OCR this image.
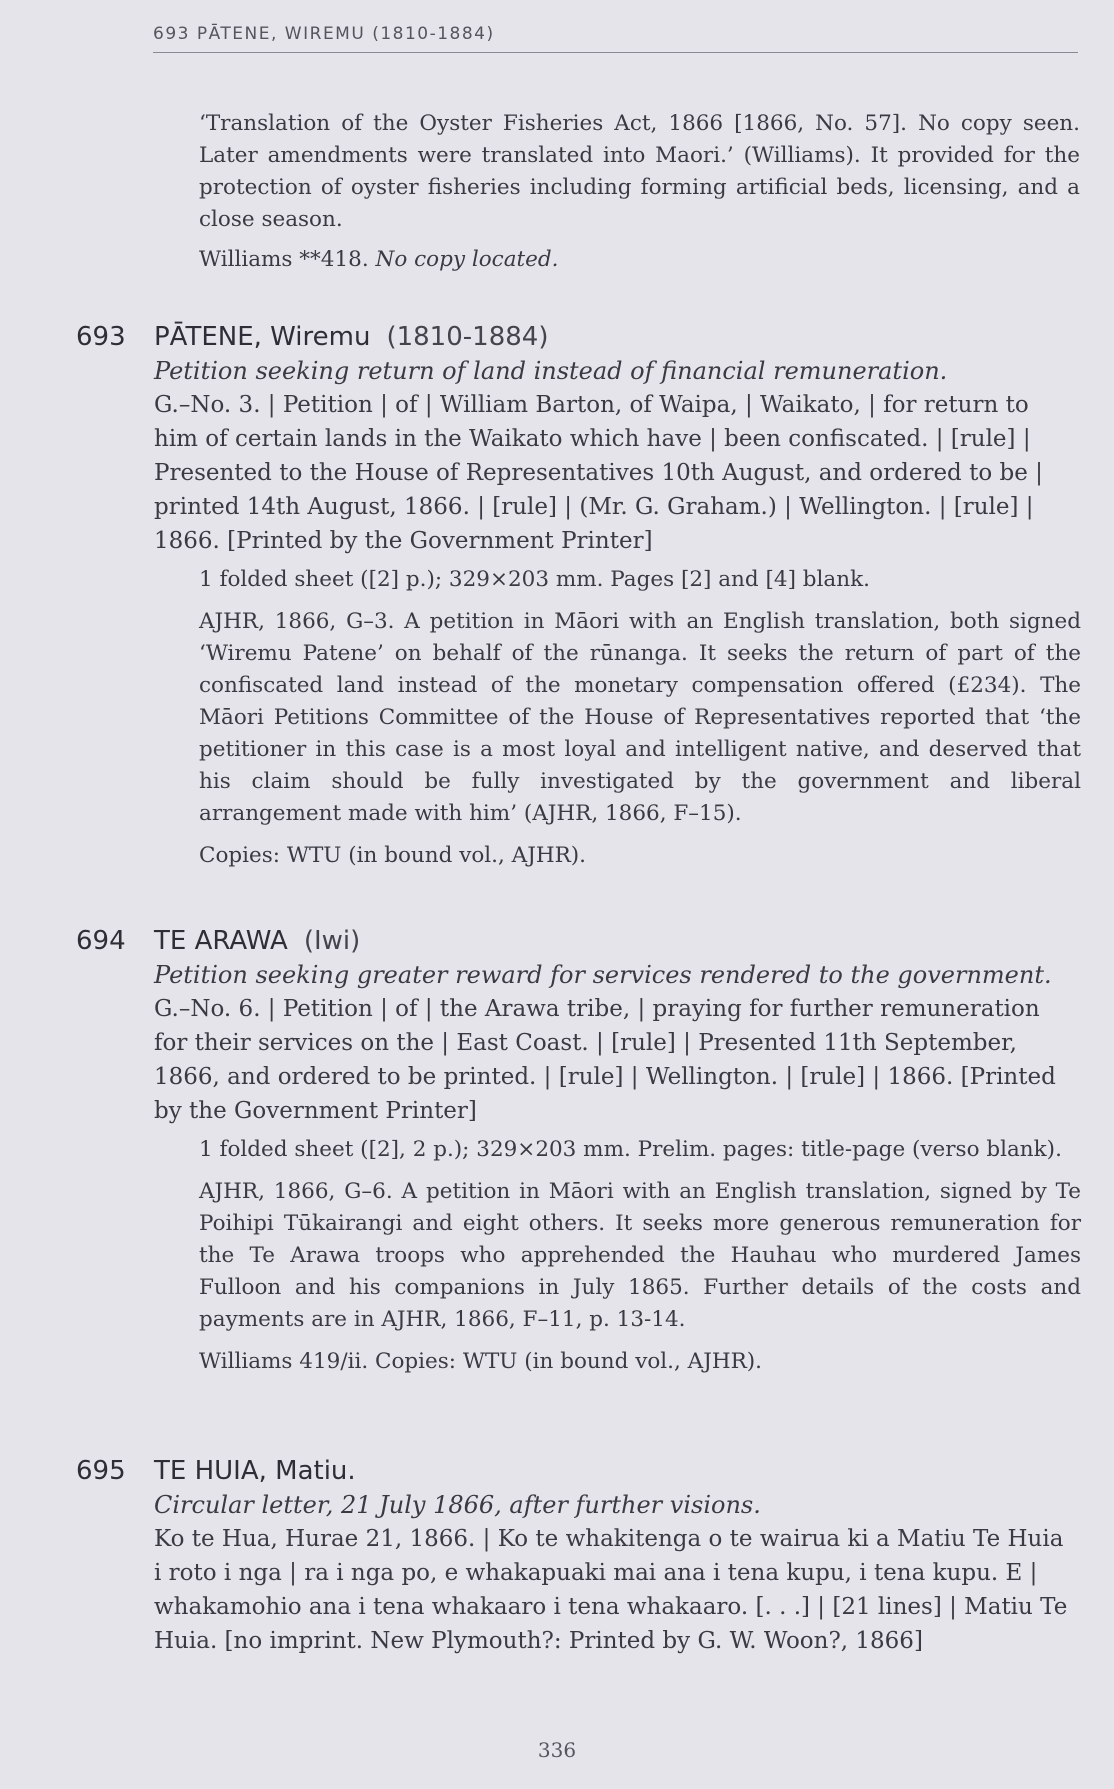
693 PĀTENE, WIREMU (1810-1884)

‘Translation of the Oyster Fisheries Act, 1866 [1866, No. 57]. No copy seen. Later amendments were translated into Maori.’ (Williams). It provided for the protection of oyster fisheries including forming artificial beds, licensing, and a close season.

Williams **418. No copy located.

693	PĀTENE, Wiremu (1810-1884)
Petition seeking return of land instead of financial remuneration.
G.–No. 3. | Petition | of | William Barton, of Waipa, | Waikato, | for return to him of certain lands in the Waikato which have | been confiscated. | [rule] | Presented to the House of Representatives 10th August, and ordered to be | printed 14th August, 1866. | [rule] | (Mr. G. Graham.) | Wellington. | [rule] | 1866. [Printed by the Government Printer]

1 folded sheet ([2] p.); 329×203 mm. Pages [2] and [4] blank.

AJHR, 1866, G–3. A petition in Māori with an English translation, both signed ‘Wiremu Patene’ on behalf of the rūnanga. It seeks the return of part of the confiscated land instead of the monetary compensation offered (£234). The Māori Petitions Committee of the House of Representatives reported that ‘the petitioner in this case is a most loyal and intelligent native, and deserved that his claim should be fully investigated by the government and liberal arrangement made with him’ (AJHR, 1866, F–15).

Copies: WTU (in bound vol., AJHR).

694	TE ARAWA (Iwi)
Petition seeking greater reward for services rendered to the government.
G.–No. 6. | Petition | of | the Arawa tribe, | praying for further remuneration for their services on the | East Coast. | [rule] | Presented 11th September, 1866, and ordered to be printed. | [rule] | Wellington. | [rule] | 1866. [Printed by the Government Printer]

1 folded sheet ([2], 2 p.); 329×203 mm. Prelim. pages: title-page (verso blank).

AJHR, 1866, G–6. A petition in Māori with an English translation, signed by Te Poihipi Tūkairangi and eight others. It seeks more generous remuneration for the Te Arawa troops who apprehended the Hauhau who murdered James Fulloon and his companions in July 1865. Further details of the costs and payments are in AJHR, 1866, F–11, p. 13-14.

Williams 419/ii. Copies: WTU (in bound vol., AJHR).

695	TE HUIA, Matiu.
Circular letter, 21 July 1866, after further visions.
Ko te Hua, Hurae 21, 1866. | Ko te whakitenga o te wairua ki a Matiu Te Huia i roto i nga | ra i nga po, e whakapuaki mai ana i tena kupu, i tena kupu. E | whakamohio ana i tena whakaaro i tena whakaaro. [. . .] | [21 lines] | Matiu Te Huia. [no imprint. New Plymouth?: Printed by G. W. Woon?, 1866]
336
